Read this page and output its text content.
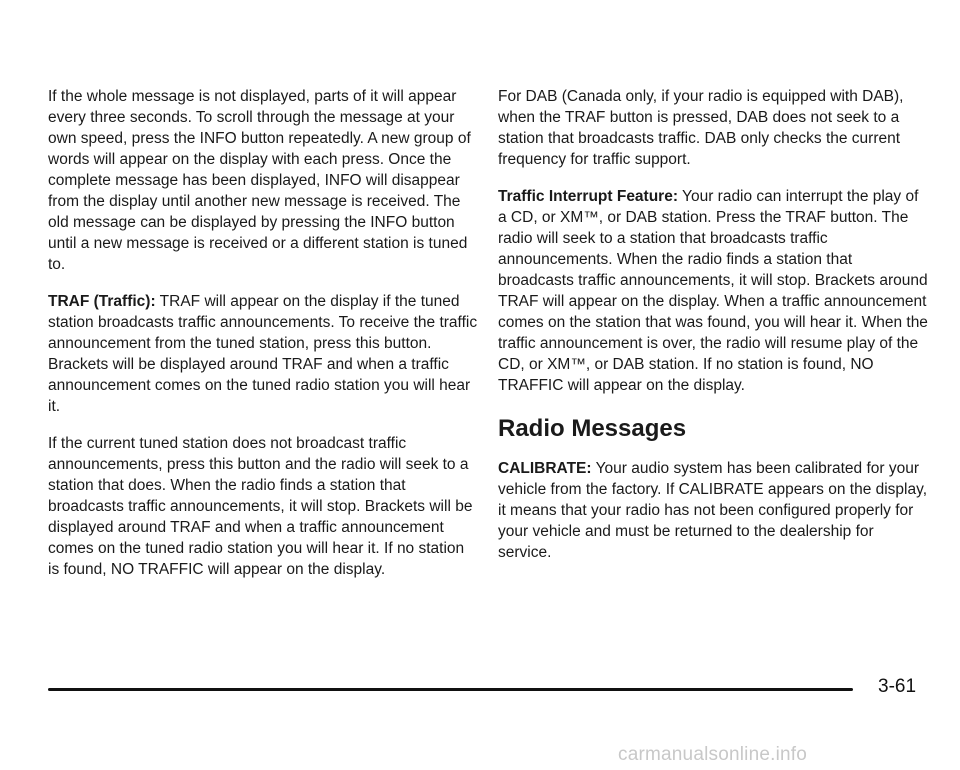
If the whole message is not displayed, parts of it will appear every three seconds. To scroll through the message at your own speed, press the INFO button repeatedly. A new group of words will appear on the display with each press. Once the complete message has been displayed, INFO will disappear from the display until another new message is received. The old message can be displayed by pressing the INFO button until a new message is received or a different station is tuned to.

TRAF (Traffic): TRAF will appear on the display if the tuned station broadcasts traffic announcements. To receive the traffic announcement from the tuned station, press this button. Brackets will be displayed around TRAF and when a traffic announcement comes on the tuned radio station you will hear it.

If the current tuned station does not broadcast traffic announcements, press this button and the radio will seek to a station that does. When the radio finds a station that broadcasts traffic announcements, it will stop. Brackets will be displayed around TRAF and when a traffic announcement comes on the tuned radio station you will hear it. If no station is found, NO TRAFFIC will appear on the display.

For DAB (Canada only, if your radio is equipped with DAB), when the TRAF button is pressed, DAB does not seek to a station that broadcasts traffic. DAB only checks the current frequency for traffic support.

Traffic Interrupt Feature: Your radio can interrupt the play of a CD, or XM™, or DAB station. Press the TRAF button. The radio will seek to a station that broadcasts traffic announcements. When the radio finds a station that broadcasts traffic announcements, it will stop. Brackets around TRAF will appear on the display. When a traffic announcement comes on the station that was found, you will hear it. When the traffic announcement is over, the radio will resume play of the CD, or XM™, or DAB station. If no station is found, NO TRAFFIC will appear on the display.

Radio Messages

CALIBRATE: Your audio system has been calibrated for your vehicle from the factory. If CALIBRATE appears on the display, it means that your radio has not been configured properly for your vehicle and must be returned to the dealership for service.

3-61
carmanualsonline.info
